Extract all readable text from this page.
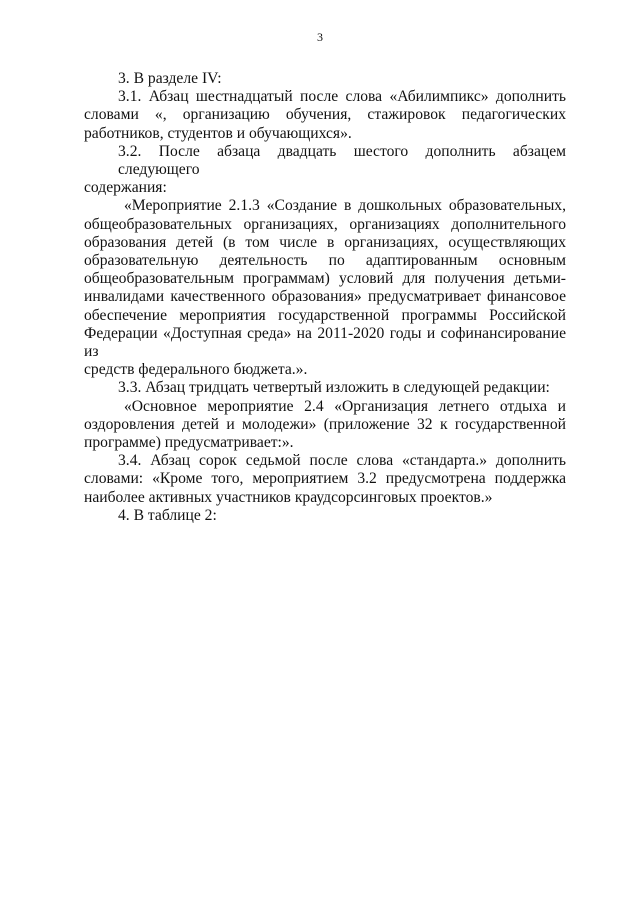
3
3. В разделе IV:
3.1. Абзац шестнадцатый после слова «Абилимпикс» дополнить
словами «, организацию обучения, стажировок педагогических
работников, студентов и обучающихся».
3.2. После абзаца двадцать шестого дополнить абзацем следующего
содержания:
«Мероприятие 2.1.3 «Создание в дошкольных образовательных,
общеобразовательных организациях, организациях дополнительного
образования детей (в том числе в организациях, осуществляющих
образовательную деятельность по адаптированным основным
общеобразовательным программам) условий для получения детьми-
инвалидами качественного образования» предусматривает финансовое
обеспечение мероприятия государственной программы Российской
Федерации «Доступная среда» на 2011-2020 годы и софинансирование из
средств федерального бюджета.».
3.3. Абзац тридцать четвертый изложить в следующей редакции:
«Основное мероприятие 2.4 «Организация летнего отдыха и
оздоровления детей и молодежи» (приложение 32 к государственной
программе) предусматривает:».
3.4. Абзац сорок седьмой после слова «стандарта.» дополнить
словами: «Кроме того, мероприятием 3.2 предусмотрена поддержка
наиболее активных участников краудсорсинговых проектов.»
4. В таблице 2:
